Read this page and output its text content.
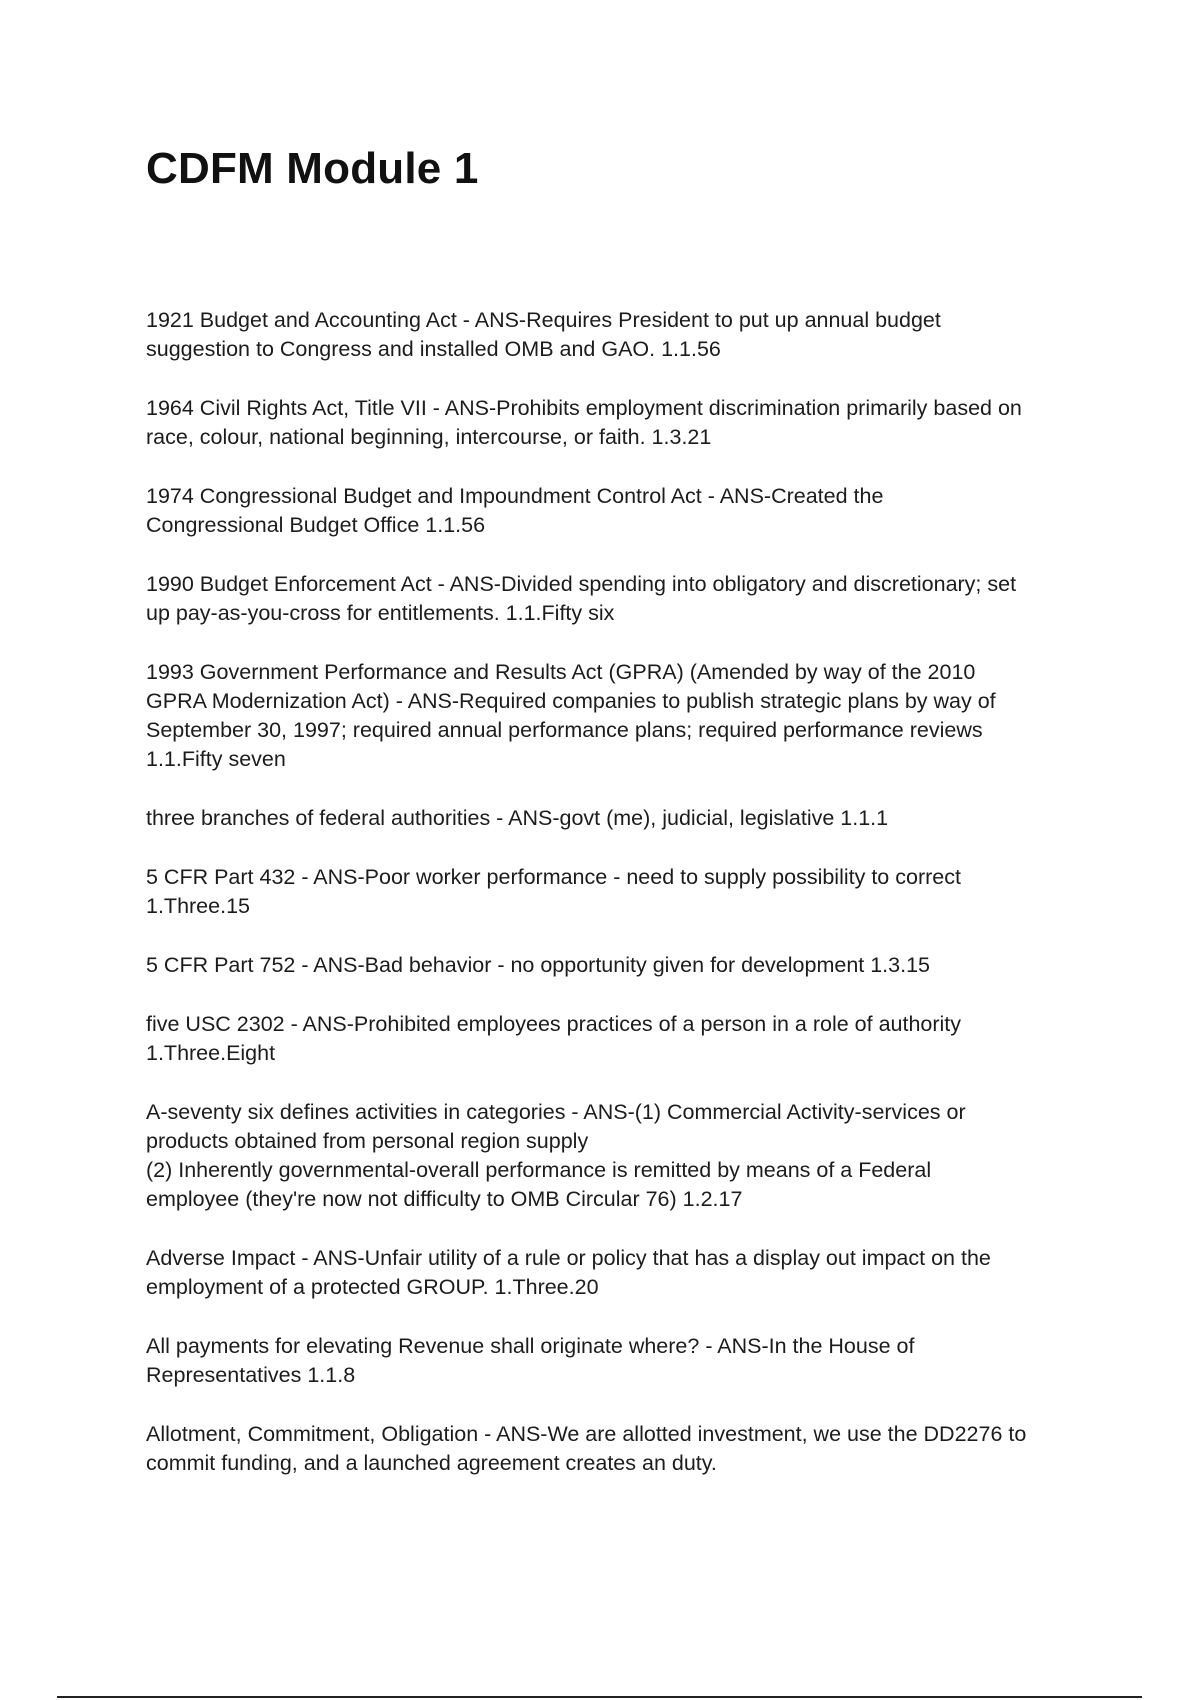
CDFM Module 1

1921 Budget and Accounting Act - ANS-Requires President to put up annual budget
suggestion to Congress and installed OMB and GAO. 1.1.56

1964 Civil Rights Act, Title VII - ANS-Prohibits employment discrimination primarily based on
race, colour, national beginning, intercourse, or faith. 1.3.21

1974 Congressional Budget and Impoundment Control Act - ANS-Created the
Congressional Budget Office 1.1.56

1990 Budget Enforcement Act - ANS-Divided spending into obligatory and discretionary; set
up pay-as-you-cross for entitlements. 1.1.Fifty six

1993 Government Performance and Results Act (GPRA) (Amended by way of the 2010
GPRA Modernization Act) - ANS-Required companies to publish strategic plans by way of
September 30, 1997; required annual performance plans; required performance reviews
1.1.Fifty seven

three branches of federal authorities - ANS-govt (me), judicial, legislative 1.1.1

5 CFR Part 432 - ANS-Poor worker performance - need to supply possibility to correct
1.Three.15

5 CFR Part 752 - ANS-Bad behavior - no opportunity given for development 1.3.15

five USC 2302 - ANS-Prohibited employees practices of a person in a role of authority
1.Three.Eight

A-seventy six defines activities in categories - ANS-(1) Commercial Activity-services or
products obtained from personal region supply
(2) Inherently governmental-overall performance is remitted by means of a Federal
employee (they're now not difficulty to OMB Circular 76) 1.2.17

Adverse Impact - ANS-Unfair utility of a rule or policy that has a display out impact on the
employment of a protected GROUP. 1.Three.20

All payments for elevating Revenue shall originate where? - ANS-In the House of
Representatives 1.1.8

Allotment, Commitment, Obligation - ANS-We are allotted investment, we use the DD2276 to
commit funding, and a launched agreement creates an duty.
